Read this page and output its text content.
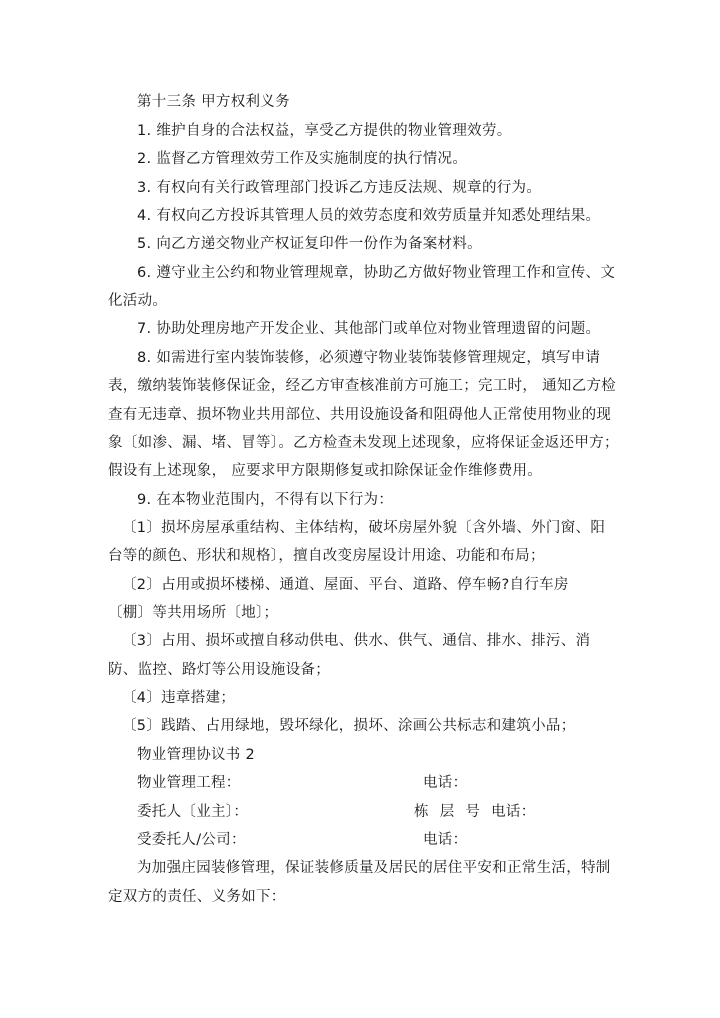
第十三条 甲方权利义务
1. 维护自身的合法权益，享受乙方提供的物业管理效劳。
2. 监督乙方管理效劳工作及实施制度的执行情况。
3. 有权向有关行政管理部门投诉乙方违反法规、规章的行为。
4. 有权向乙方投诉其管理人员的效劳态度和效劳质量并知悉处理结果。
5. 向乙方递交物业产权证复印件一份作为备案材料。
6. 遵守业主公约和物业管理规章，协助乙方做好物业管理工作和宣传、文
化活动。
7. 协助处理房地产开发企业、其他部门或单位对物业管理遗留的问题。
8. 如需进行室内装饰装修，必须遵守物业装饰装修管理规定，填写申请
表，缴纳装饰装修保证金，经乙方审查核准前方可施工；完工时， 通知乙方检
查有无违章、损坏物业共用部位、共用设施设备和阻碍他人正常使用物业的现
象〔如渗、漏、堵、冒等〕。乙方检查未发现上述现象，应将保证金返还甲方；
假设有上述现象， 应要求甲方限期修复或扣除保证金作维修费用。
9. 在本物业范围内，不得有以下行为：
〔1〕损坏房屋承重结构、主体结构，破坏房屋外貌〔含外墙、外门窗、阳
台等的颜色、形状和规格〕，擅自改变房屋设计用途、功能和布局；
〔2〕占用或损坏楼梯、通道、屋面、平台、道路、停车畅?自行车房
〔棚〕等共用场所〔地〕；
〔3〕占用、损坏或擅自移动供电、供水、供气、通信、排水、排污、消
防、监控、路灯等公用设施设备；
〔4〕违章搭建；
〔5〕践踏、占用绿地，毁坏绿化，损坏、涂画公共标志和建筑小品；
物业管理协议书 2
物业管理工程：	电话：
委托人〔业主〕：	栋 层 号 电话：
受委托人/公司：	电话：
为加强庄园装修管理，保证装修质量及居民的居住平安和正常生活，特制
定双方的责任、义务如下：
